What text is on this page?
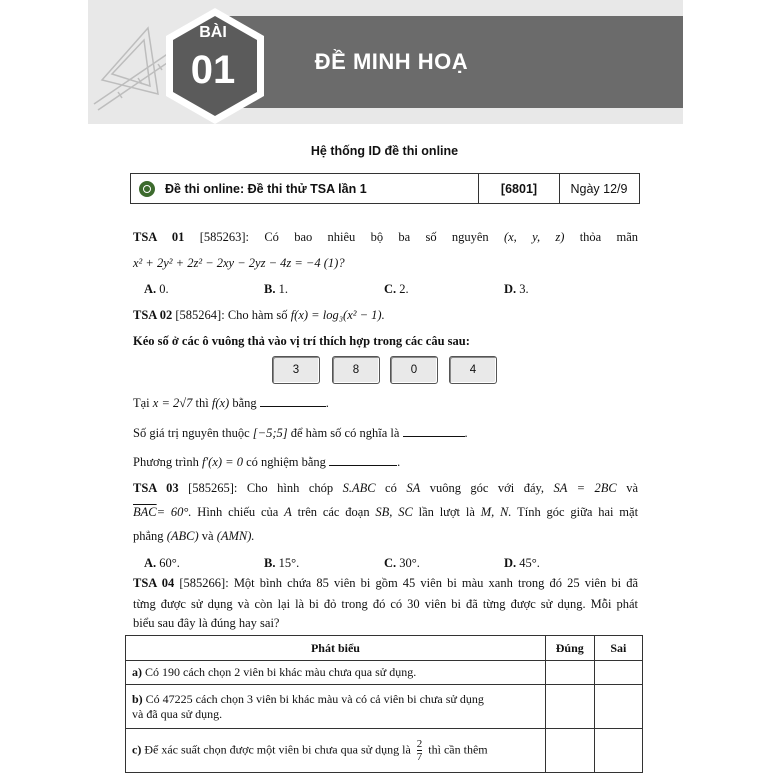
ĐỀ MINH HOẠ
BÀI
01
Hệ thống ID đề thi online
Đề thi online: Đề thi thử TSA lần 1	[6801]	Ngày 12/9
TSA 01 [585263]: Có bao nhiêu bộ ba số nguyên (x, y, z) thỏa mãn
x² + 2y² + 2z² − 2xy − 2yz − 4z = −4 (1)?
A. 0.	B. 1.	C. 2.	D. 3.
TSA 02 [585264]: Cho hàm số f(x) = log₃(x² − 1).
Kéo số ở các ô vuông thả vào vị trí thích hợp trong các câu sau:
3	8	0	4
Tại x = 2√7 thì f(x) bằng	.
Số giá trị nguyên thuộc [−5;5] để hàm số có nghĩa là	.
Phương trình f′(x) = 0 có nghiệm bằng	.
TSA 03 [585265]: Cho hình chóp S.ABC có SA vuông góc với đáy, SA = 2BC và
$\overline{BAC}= 60^\circ$. Hình chiếu của A trên các đoạn SB, SC lần lượt là M, N. Tính góc giữa hai mặt
phẳng (ABC) và (AMN).
A. 60°.	B. 15°.	C. 30°.	D. 45°.
TSA 04 [585266]: Một bình chứa 85 viên bi gồm 45 viên bi màu xanh trong đó 25 viên bi đã
từng được sử dụng và còn lại là bi đỏ trong đó có 30 viên bi đã từng được sử dụng. Mỗi phát
biểu sau đây là đúng hay sai?
Phát biểu	Đúng	Sai
a) Có 190 cách chọn 2 viên bi khác màu chưa qua sử dụng.		
b) Có 47225 cách chọn 3 viên bi khác màu và có cả viên bi chưa sử dụng
và đã qua sử dụng.		
c) Để xác suất chọn được một viên bi chưa qua sử dụng là $\frac{2}{7}$ thì cần thêm		
